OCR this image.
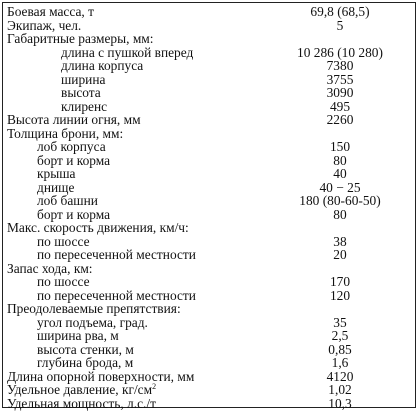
Боевая масса, т	69,8 (68,5)
Экипаж, чел.	5
Габаритные размеры, мм:
длина с пушкой вперед	10 286 (10 280)
длина корпуса	7380
ширина	3755
высота	3090
клиренс	495
Высота линии огня, мм	2260
Толщина брони, мм:
лоб корпуса	150
борт и корма	80
крыша	40
днище	40 − 25
лоб башни	180 (80-60-50)
борт и корма	80
Макс. скорость движения, км/ч:
по шоссе	38
по пересеченной местности	20
Запас хода, км:
по шоссе	170
по пересеченной местности	120
Преодолеваемые препятствия:
угол подъема, град.	35
ширина рва, м	2,5
высота стенки, м	0,85
глубина брода, м	1,6
Длина опорной поверхности, мм	4120
Удельное давление, $кг/см^2$	1,02
Удельная мощность, л.с./т	10,3
